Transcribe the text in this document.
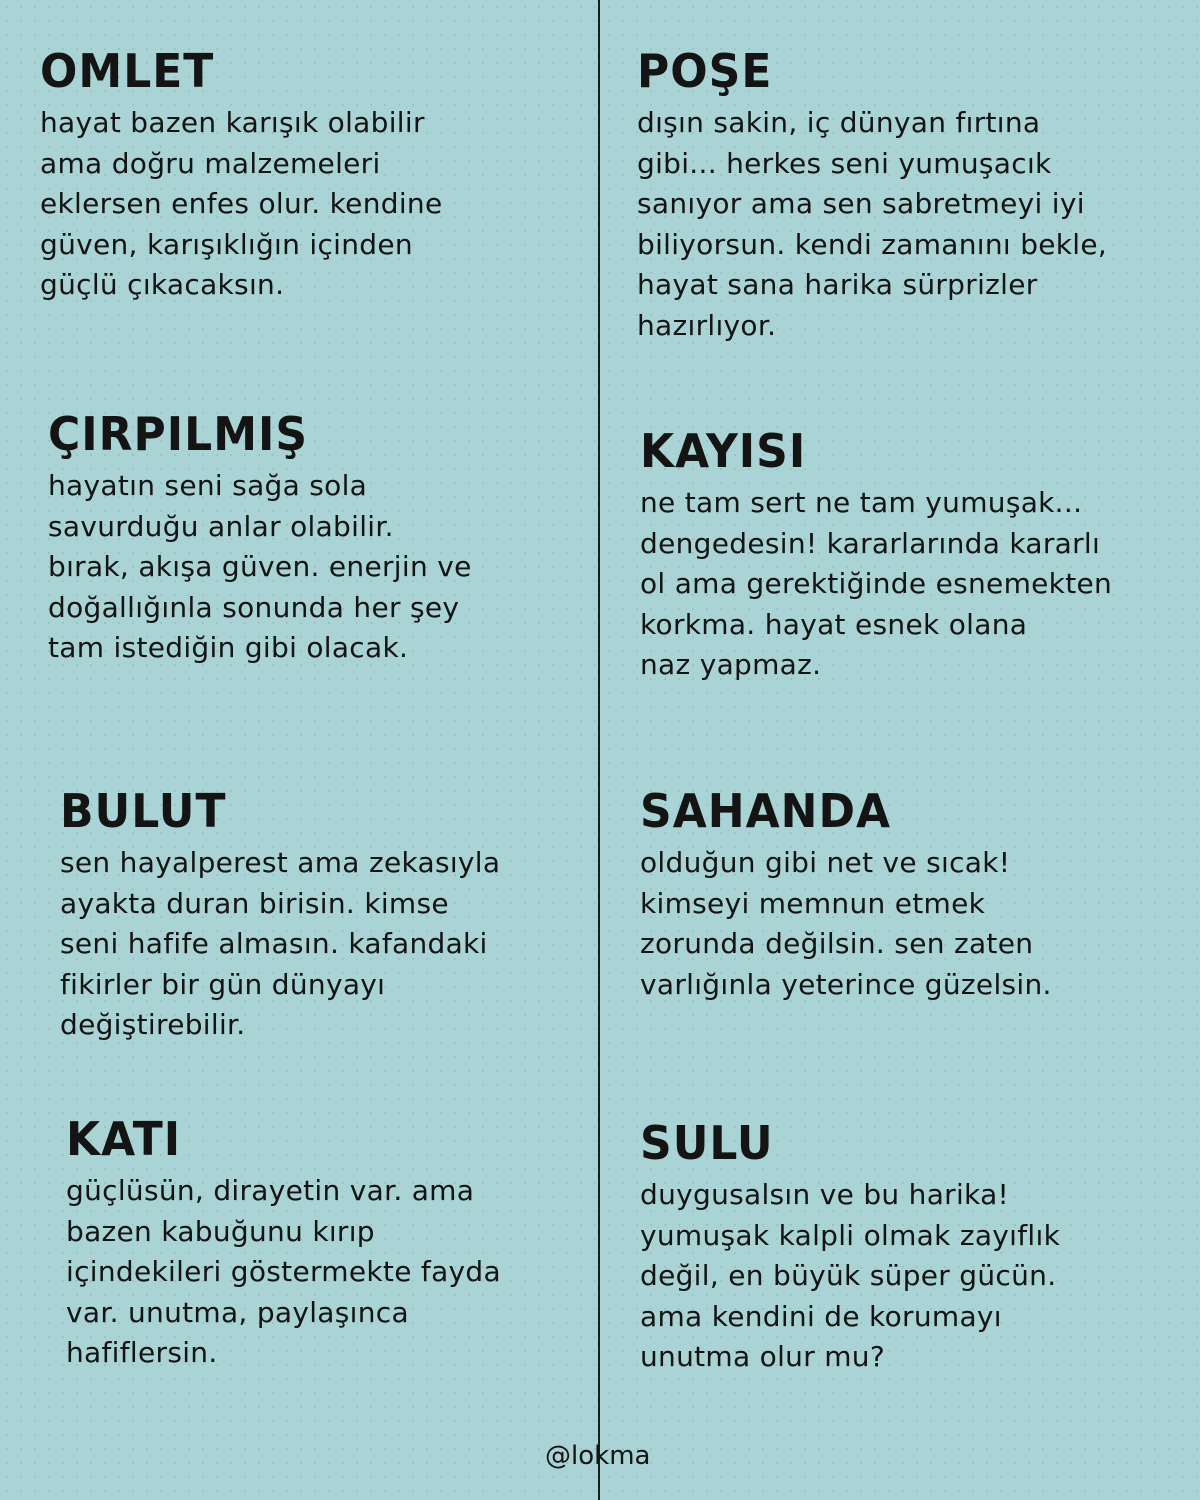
OMLET
hayat bazen karışık olabilir
ama doğru malzemeleri
eklersen enfes olur. kendine
güven, karışıklığın içinden
güçlü çıkacaksın.
ÇIRPILMIŞ
hayatın seni sağa sola
savurduğu anlar olabilir.
bırak, akışa güven. enerjin ve
doğallığınla sonunda her şey
tam istediğin gibi olacak.
BULUT
sen hayalperest ama zekasıyla
ayakta duran birisin. kimse
seni hafife almasın. kafandaki
fikirler bir gün dünyayı
değiştirebilir.
KATI
güçlüsün, dirayetin var. ama
bazen kabuğunu kırıp
içindekileri göstermekte fayda
var. unutma, paylaşınca
hafiflersin.
POŞE
dışın sakin, iç dünyan fırtına
gibi... herkes seni yumuşacık
sanıyor ama sen sabretmeyi iyi
biliyorsun. kendi zamanını bekle,
hayat sana harika sürprizler
hazırlıyor.
KAYISI
ne tam sert ne tam yumuşak...
dengedesin! kararlarında kararlı
ol ama gerektiğinde esnemekten
korkma. hayat esnek olana
naz yapmaz.
SAHANDA
olduğun gibi net ve sıcak!
kimseyi memnun etmek
zorunda değilsin. sen zaten
varlığınla yeterince güzelsin.
SULU
duygusalsın ve bu harika!
yumuşak kalpli olmak zayıflık
değil, en büyük süper gücün.
ama kendini de korumayı
unutma olur mu?
@lokma
